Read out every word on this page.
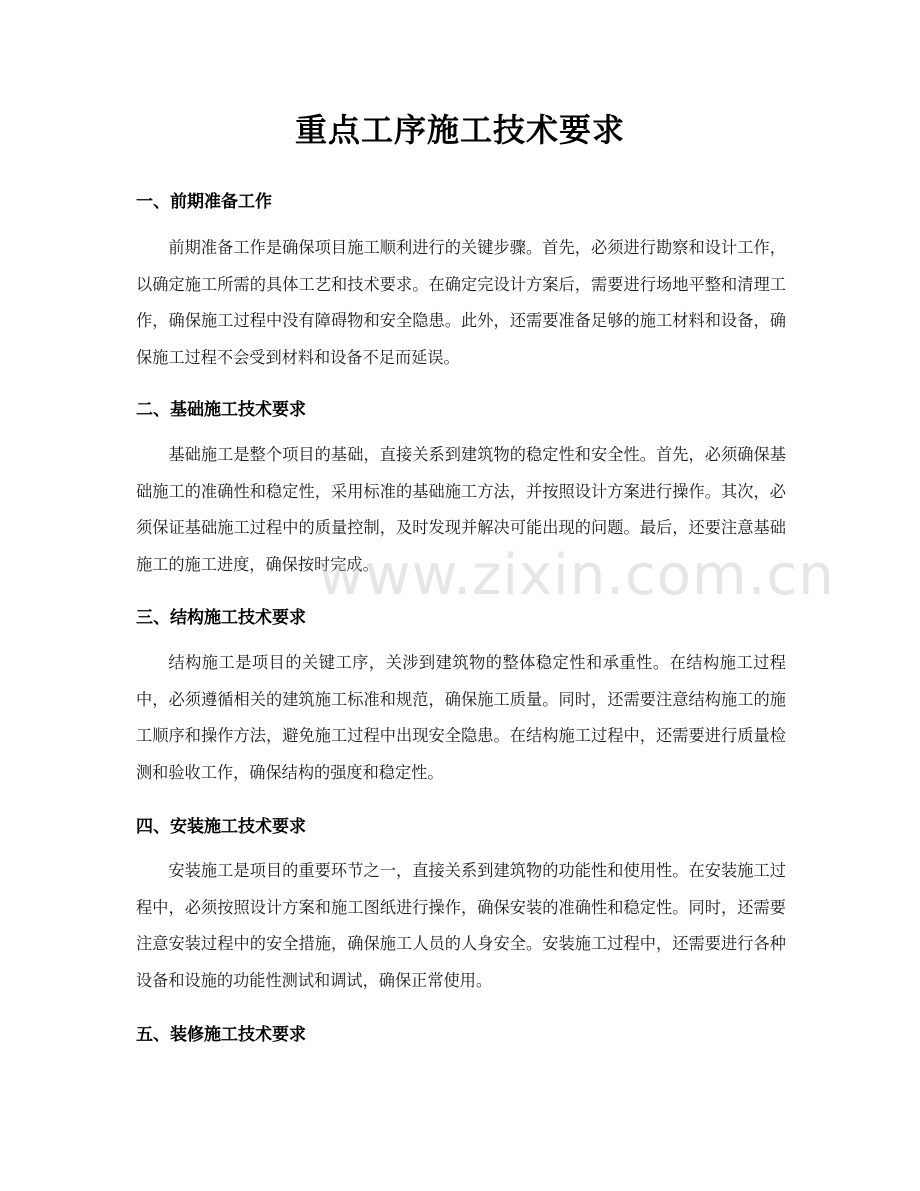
重点工序施工技术要求
一、前期准备工作
前期准备工作是确保项目施工顺利进行的关键步骤。首先，必须进行勘察和设计工作，以确定施工所需的具体工艺和技术要求。在确定完设计方案后，需要进行场地平整和清理工作，确保施工过程中没有障碍物和安全隐患。此外，还需要准备足够的施工材料和设备，确保施工过程不会受到材料和设备不足而延误。
二、基础施工技术要求
基础施工是整个项目的基础，直接关系到建筑物的稳定性和安全性。首先，必须确保基础施工的准确性和稳定性，采用标准的基础施工方法，并按照设计方案进行操作。其次，必须保证基础施工过程中的质量控制，及时发现并解决可能出现的问题。最后，还要注意基础施工的施工进度，确保按时完成。
三、结构施工技术要求
结构施工是项目的关键工序，关涉到建筑物的整体稳定性和承重性。在结构施工过程中，必须遵循相关的建筑施工标准和规范，确保施工质量。同时，还需要注意结构施工的施工顺序和操作方法，避免施工过程中出现安全隐患。在结构施工过程中，还需要进行质量检测和验收工作，确保结构的强度和稳定性。
四、安装施工技术要求
安装施工是项目的重要环节之一，直接关系到建筑物的功能性和使用性。在安装施工过程中，必须按照设计方案和施工图纸进行操作，确保安装的准确性和稳定性。同时，还需要注意安装过程中的安全措施，确保施工人员的人身安全。安装施工过程中，还需要进行各种设备和设施的功能性测试和调试，确保正常使用。
五、装修施工技术要求
www.zixin.com.cn
